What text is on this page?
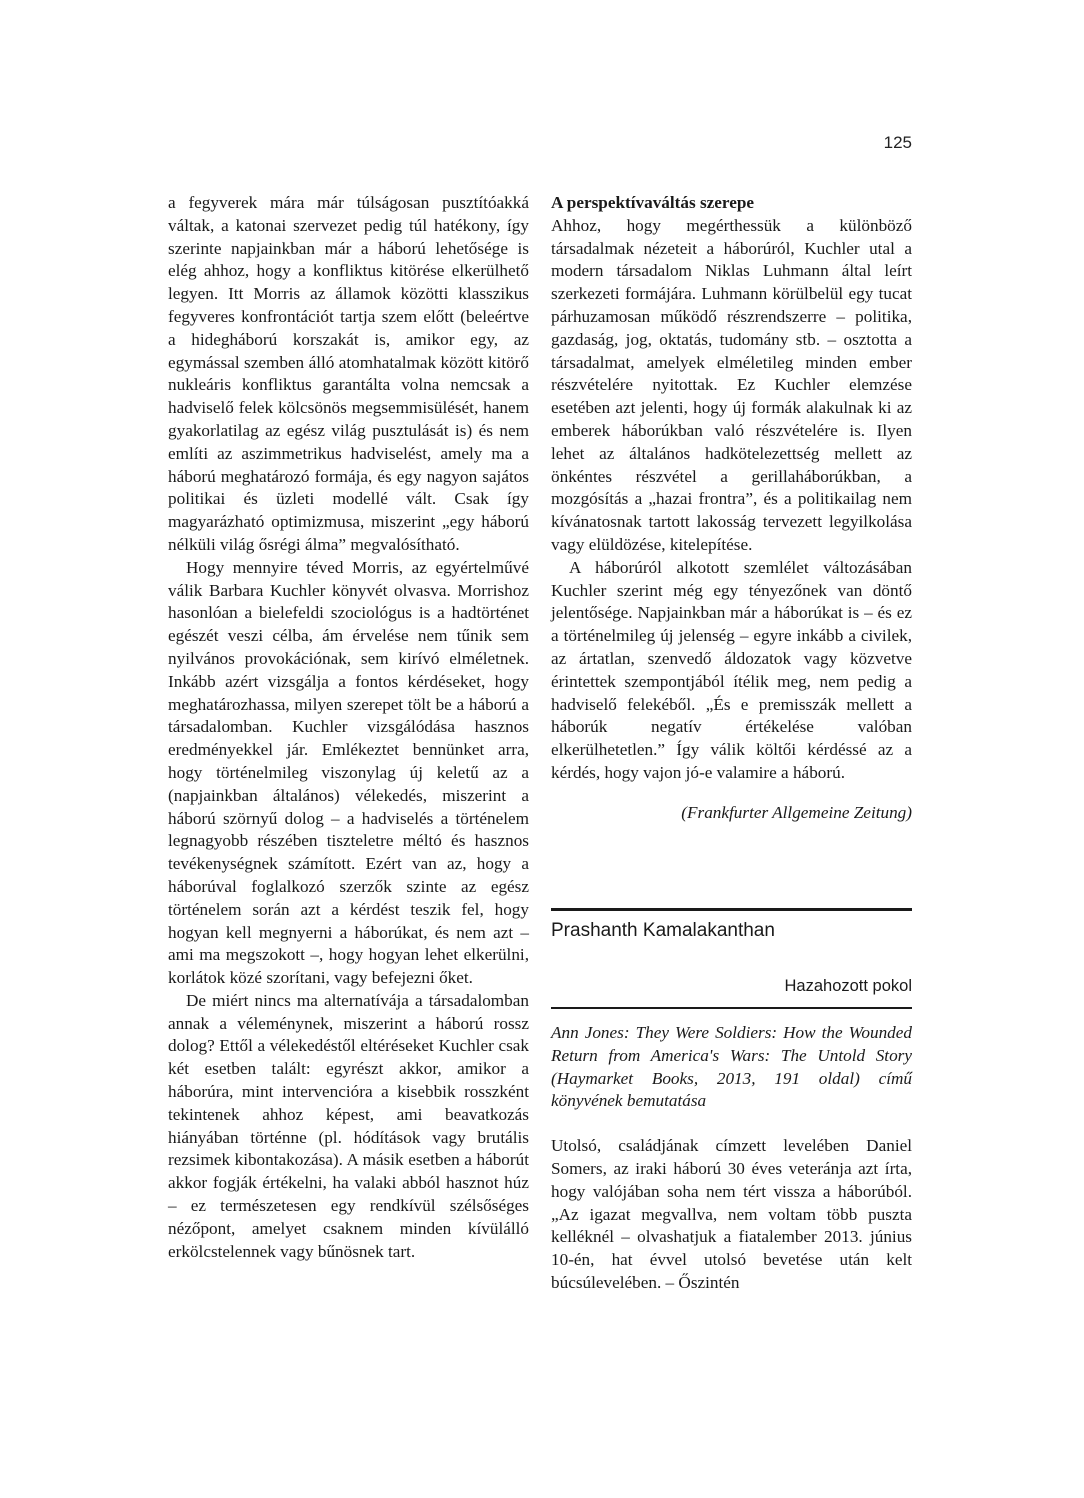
125

a fegyverek mára már túlságosan pusztítóakká váltak, a katonai szervezet pedig túl hatékony, így szerinte napjainkban már a háború lehetősége is elég ahhoz, hogy a konfliktus kitörése elkerülhető legyen. Itt Morris az államok közötti klasszikus fegyveres konfrontációt tartja szem előtt (beleértve a hidegháború korszakát is, amikor egy, az egymással szemben álló atomhatalmak között kitörő nukleáris konfliktus garantálta volna nemcsak a hadviselő felek kölcsönös megsemmisülését, hanem gyakorlatilag az egész világ pusztulását is) és nem említi az aszimmetrikus hadviselést, amely ma a háború meghatározó formája, és egy nagyon sajátos politikai és üzleti modellé vált. Csak így magyarázható optimizmusa, miszerint „egy háború nélküli világ ősrégi álma” megvalósítható.

Hogy mennyire téved Morris, az egyértelművé válik Barbara Kuchler könyvét olvasva. Morrishoz hasonlóan a bielefeldi szociológus is a hadtörténet egészét veszi célba, ám érvelése nem tűnik sem nyilvános provokációnak, sem kirívó elméletnek. Inkább azért vizsgálja a fontos kérdéseket, hogy meghatározhassa, milyen szerepet tölt be a háború a társadalomban. Kuchler vizsgálódása hasznos eredményekkel jár. Emlékeztet bennünket arra, hogy történelmileg viszonylag új keletű az a (napjainkban általános) vélekedés, miszerint a háború szörnyű dolog – a hadviselés a történelem legnagyobb részében tiszteletre méltó és hasznos tevékenységnek számított. Ezért van az, hogy a háborúval foglalkozó szerzők szinte az egész történelem során azt a kérdést teszik fel, hogy hogyan kell megnyerni a háborúkat, és nem azt – ami ma megszokott –, hogy hogyan lehet elkerülni, korlátok közé szorítani, vagy befejezni őket.

De miért nincs ma alternatívája a társadalomban annak a véleménynek, miszerint a háború rossz dolog? Ettől a vélekedéstől eltéréseket Kuchler csak két esetben talált: egyrészt akkor, amikor a háborúra, mint intervencióra a kisebbik rosszként tekintenek ahhoz képest, ami beavatkozás hiányában történne (pl. hódítások vagy brutális rezsimek kibontakozása). A másik esetben a háborút akkor fogják értékelni, ha valaki abból hasznot húz – ez természetesen egy rendkívül szélsőséges nézőpont, amelyet csaknem minden kívülálló erkölcstelennek vagy bűnösnek tart.

A perspektívaváltás szerepe

Ahhoz, hogy megérthessük a különböző társadalmak nézeteit a háborúról, Kuchler utal a modern társadalom Niklas Luhmann által leírt szerkezeti formájára. Luhmann körülbelül egy tucat párhuzamosan működő részrendszerre – politika, gazdaság, jog, oktatás, tudomány stb. – osztotta a társadalmat, amelyek elméletileg minden ember részvételére nyitottak. Ez Kuchler elemzése esetében azt jelenti, hogy új formák alakulnak ki az emberek háborúkban való részvételére is. Ilyen lehet az általános hadkötelezettség mellett az önkéntes részvétel a gerillaháborúkban, a mozgósítás a „hazai frontra”, és a politikailag nem kívánatosnak tartott lakosság tervezett legyilkolása vagy elüldözése, kitelepítése.

A háborúról alkotott szemlélet változásában Kuchler szerint még egy tényezőnek van döntő jelentősége. Napjainkban már a háborúkat is – és ez a történelmileg új jelenség – egyre inkább a civilek, az ártatlan, szenvedő áldozatok vagy közvetve érintettek szempontjából ítélik meg, nem pedig a hadviselő felekéből. „És e premisszák mellett a háborúk negatív értékelése valóban elkerülhetetlen.” Így válik költői kérdéssé az a kérdés, hogy vajon jó-e valamire a háború.

(Frankfurter Allgemeine Zeitung)

Prashanth Kamalakanthan
Hazahozott pokol

Ann Jones: They Were Soldiers: How the Wounded Return from America's Wars: The Untold Story (Haymarket Books, 2013, 191 oldal) című könyvének bemutatása

Utolsó, családjának címzett levelében Daniel Somers, az iraki háború 30 éves veteránja azt írta, hogy valójában soha nem tért vissza a háborúból. „Az igazat megvallva, nem voltam több puszta kelléknél – olvashatjuk a fiatalember 2013. június 10-én, hat évvel utolsó bevetése után kelt búcsúlevelében. – Őszintén
